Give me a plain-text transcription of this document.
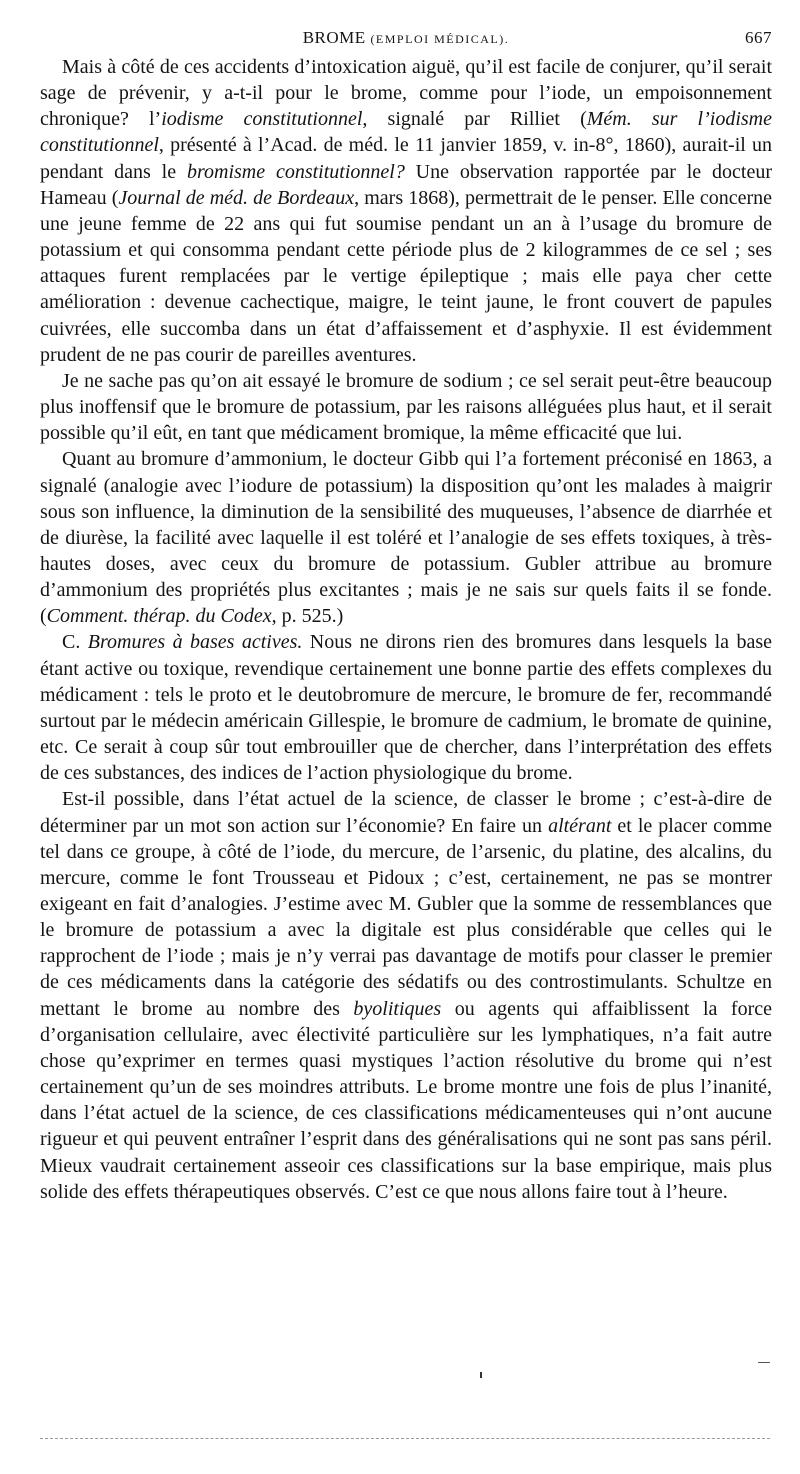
BROME (EMPLOI MÉDICAL).	667

Mais à côté de ces accidents d’intoxication aiguë, qu’il est facile de conjurer, qu’il serait sage de prévenir, y a-t-il pour le brome, comme pour l’iode, un empoisonnement chronique? l’iodisme constitutionnel, signalé par Rilliet (Mém. sur l’iodisme constitutionnel, présenté à l’Acad. de méd. le 11 janvier 1859, v. in-8°, 1860), aurait-il un pendant dans le bromisme constitutionnel? Une observation rapportée par le docteur Hameau (Journal de méd. de Bordeaux, mars 1868), permettrait de le penser. Elle concerne une jeune femme de 22 ans qui fut soumise pendant un an à l’usage du bromure de potassium et qui consomma pendant cette période plus de 2 kilogrammes de ce sel ; ses attaques furent remplacées par le vertige épileptique ; mais elle paya cher cette amélioration : devenue cachectique, maigre, le teint jaune, le front couvert de papules cuivrées, elle succomba dans un état d’affaissement et d’asphyxie. Il est évidemment prudent de ne pas courir de pareilles aventures.

Je ne sache pas qu’on ait essayé le bromure de sodium ; ce sel serait peut-être beaucoup plus inoffensif que le bromure de potassium, par les raisons alléguées plus haut, et il serait possible qu’il eût, en tant que médicament bromique, la même efficacité que lui.

Quant au bromure d’ammonium, le docteur Gibb qui l’a fortement préconisé en 1863, a signalé (analogie avec l’iodure de potassium) la disposition qu’ont les malades à maigrir sous son influence, la diminution de la sensibilité des muqueuses, l’absence de diarrhée et de diurèse, la facilité avec laquelle il est toléré et l’analogie de ses effets toxiques, à très-hautes doses, avec ceux du bromure de potassium. Gubler attribue au bromure d’ammonium des propriétés plus excitantes ; mais je ne sais sur quels faits il se fonde. (Comment. thérap. du Codex, p. 525.)

C. Bromures à bases actives. Nous ne dirons rien des bromures dans lesquels la base étant active ou toxique, revendique certainement une bonne partie des effets complexes du médicament : tels le proto et le deutobromure de mercure, le bromure de fer, recommandé surtout par le médecin américain Gillespie, le bromure de cadmium, le bromate de quinine, etc. Ce serait à coup sûr tout embrouiller que de chercher, dans l’interprétation des effets de ces substances, des indices de l’action physiologique du brome.

Est-il possible, dans l’état actuel de la science, de classer le brome ; c’est-à-dire de déterminer par un mot son action sur l’économie? En faire un altérant et le placer comme tel dans ce groupe, à côté de l’iode, du mercure, de l’arsenic, du platine, des alcalins, du mercure, comme le font Trousseau et Pidoux ; c’est, certainement, ne pas se montrer exigeant en fait d’analogies. J’estime avec M. Gubler que la somme de ressemblances que le bromure de potassium a avec la digitale est plus considérable que celles qui le rapprochent de l’iode ; mais je n’y verrai pas davantage de motifs pour classer le premier de ces médicaments dans la catégorie des sédatifs ou des controstimulants. Schultze en mettant le brome au nombre des byolitiques ou agents qui affaiblissent la force d’organisation cellulaire, avec électivité particulière sur les lymphatiques, n’a fait autre chose qu’exprimer en termes quasi mystiques l’action résolutive du brome qui n’est certainement qu’un de ses moindres attributs. Le brome montre une fois de plus l’inanité, dans l’état actuel de la science, de ces classifications médicamenteuses qui n’ont aucune rigueur et qui peuvent entraîner l’esprit dans des généralisations qui ne sont pas sans péril. Mieux vaudrait certainement asseoir ces classifications sur la base empirique, mais plus solide des effets thérapeutiques observés. C’est ce que nous allons faire tout à l’heure.
